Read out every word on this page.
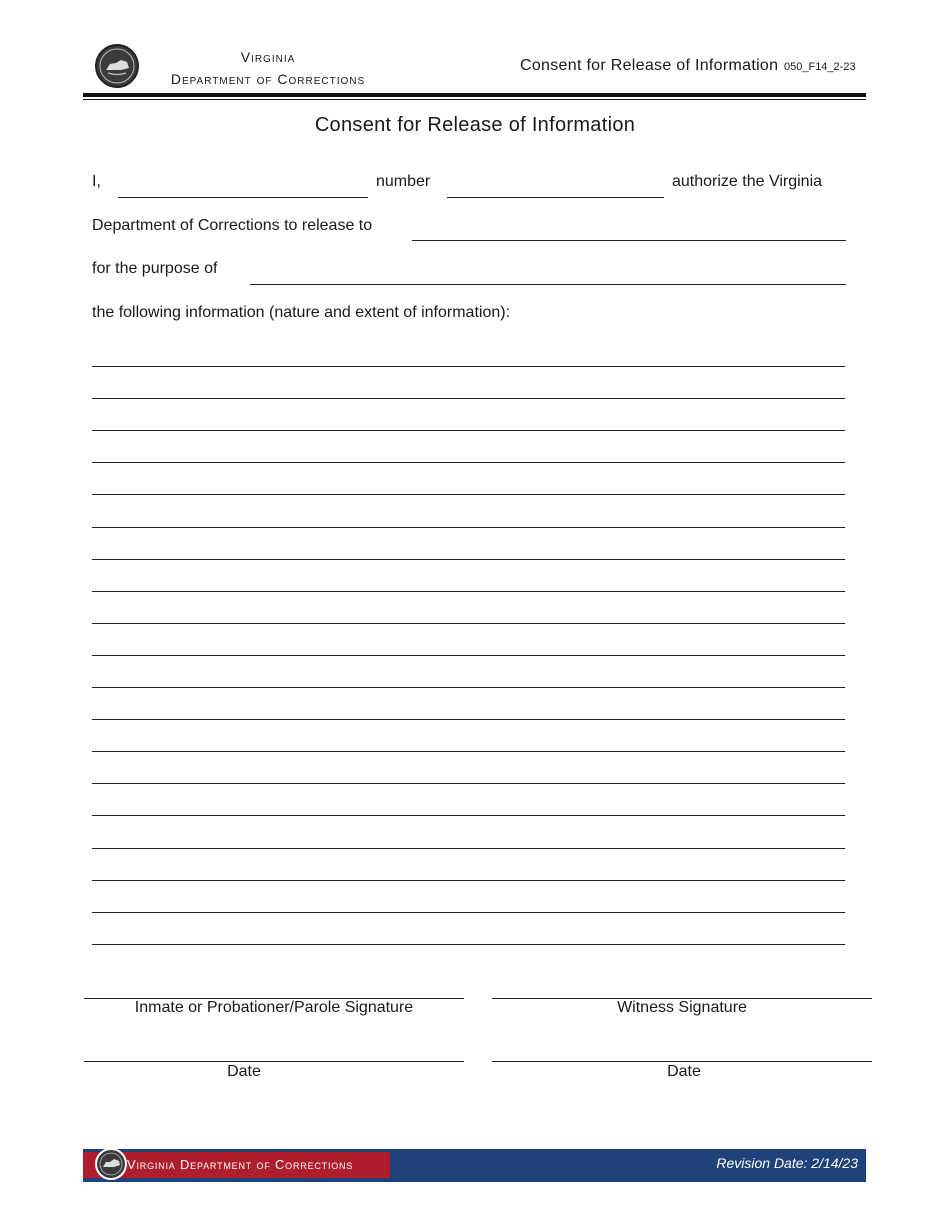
Virginia
Department of Corrections
Consent for Release of Information 050_F14_2-23
Consent for Release of Information
I,	number	authorize the Virginia
Department of Corrections to release to
for the purpose of
the following information (nature and extent of information):
Inmate or Probationer/Parole Signature	Witness Signature
Date	Date
Virginia Department of Corrections	Revision Date: 2/14/23
